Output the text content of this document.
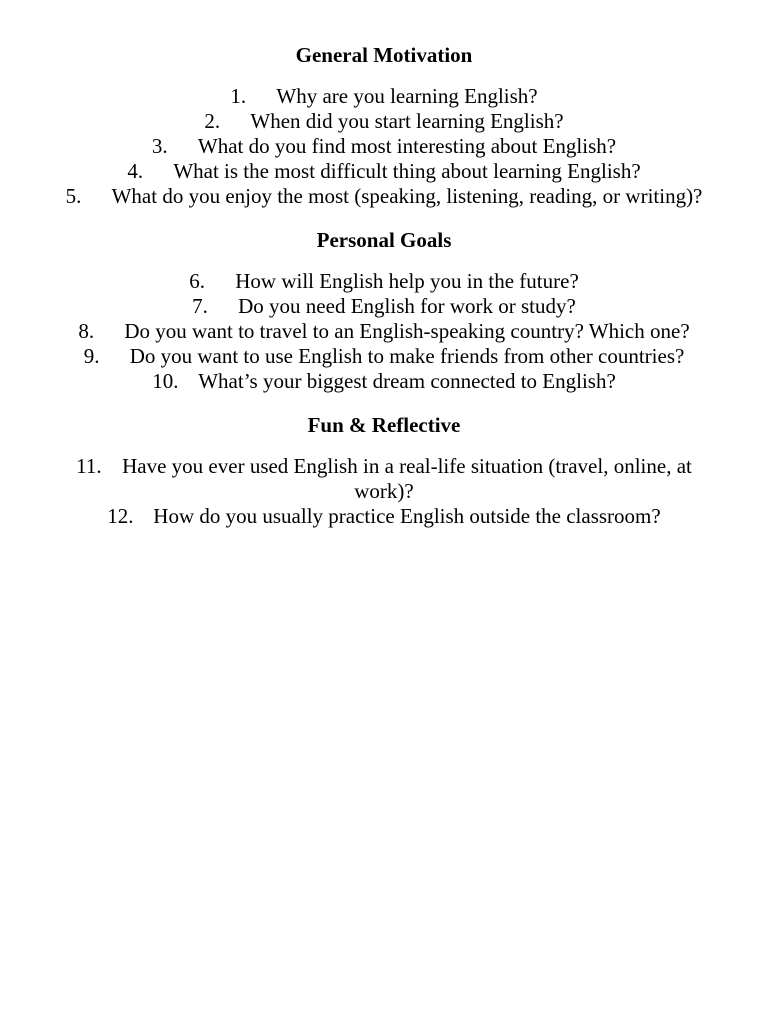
General Motivation
1. Why are you learning English?
2. When did you start learning English?
3. What do you find most interesting about English?
4. What is the most difficult thing about learning English?
5. What do you enjoy the most (speaking, listening, reading, or writing)?
Personal Goals
6. How will English help you in the future?
7. Do you need English for work or study?
8. Do you want to travel to an English-speaking country? Which one?
9. Do you want to use English to make friends from other countries?
10. What’s your biggest dream connected to English?
Fun & Reflective
11. Have you ever used English in a real-life situation (travel, online, at work)?
12. How do you usually practice English outside the classroom?
